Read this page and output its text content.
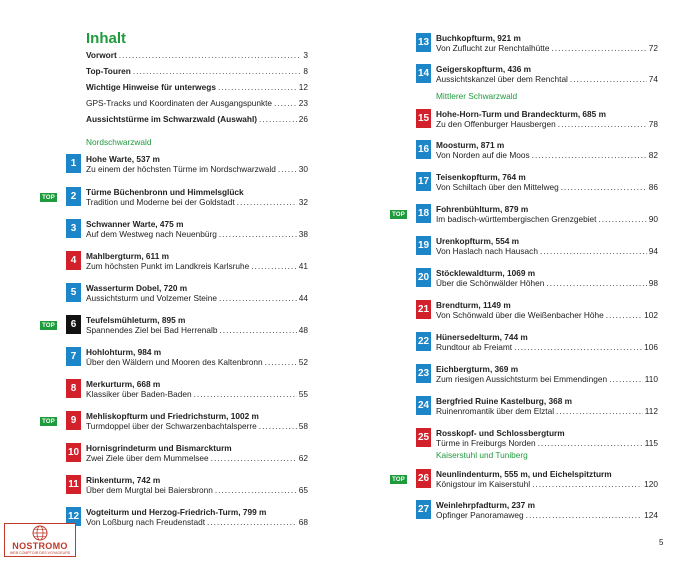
Inhalt
Vorwort .....	3
Top-Touren .....	8
Wichtige Hinweise für unterwegs .....	12
GPS-Tracks und Koordinaten der Ausgangspunkte .....	23
Aussichtstürme im Schwarzwald (Auswahl) .....	26
Nordschwarzwald
Mittlerer Schwarzwald
Kaiserstuhl und Tuniberg
1	Hohe Warte, 537 m
Zu einem der höchsten Türme im Nordschwarzwald .....	30
2	Türme Büchenbronn und Himmelsglück
Tradition und Moderne bei der Goldstadt .....	32
TOP
3	Schwanner Warte, 475 m
Auf dem Westweg nach Neuenbürg .....	38
4	Mahlbergturm, 611 m
Zum höchsten Punkt im Landkreis Karlsruhe .....	41
5	Wasserturm Dobel, 720 m
Aussichtsturm und Volzemer Steine .....	44
6	Teufelsmühleturm, 895 m
Spannendes Ziel bei Bad Herrenalb .....	48
TOP
7	Hohlohturm, 984 m
Über den Wäldern und Mooren des Kaltenbronn .....	52
8	Merkurturm, 668 m
Klassiker über Baden-Baden .....	55
9	Mehliskopfturm und Friedrichsturm, 1002 m
Turmdoppel über der Schwarzenbachtalsperre .....	58
TOP
10 Hornisgrindeturm und Bismarckturm
Zwei Ziele über dem Mummelsee .....	62
11 Rinkenturm, 742 m
Über dem Murgtal bei Baiersbronn .....	65
12 Vogteiturm und Herzog-Friedrich-Turm, 799 m
Von Loßburg nach Freudenstadt .....	68
13 Buchkopfturm, 921 m
Von Zuflucht zur Renchtalhütte .....	72
14 Geigerskopfturm, 436 m
Aussichtskanzel über dem Renchtal .....	74
15 Hohe-Horn-Turm und Brandeckturm, 685 m
Zu den Offenburger Hausbergen .....	78
16 Moosturm, 871 m
Von Norden auf die Moos .....	82
17 Teisenkopfturm, 764 m
Von Schiltach über den Mittelweg .....	86
18 Fohrenbühlturm, 879 m
Im badisch-württembergischen Grenzgebiet .....	90
TOP
19 Urenkopfturm, 554 m
Von Haslach nach Hausach .....	94
20 Stöcklewaldturm, 1069 m
Über die Schönwälder Höhen .....	98
21 Brendturm, 1149 m
Von Schönwald über die Weißenbacher Höhe .....	102
22 Hünersedelturm, 744 m
Rundtour ab Freiamt .....	106
23 Eichbergturm, 369 m
Zum riesigen Aussichtsturm bei Emmendingen .....	110
24 Bergfried Ruine Kastelburg, 368 m
Ruinenromantik über dem Elztal .....	112
25 Rosskopf- und Schlossbergturm
Türme in Freiburgs Norden .....	115
26 Neunlindenturm, 555 m, und Eichelspitzturm
Königstour im Kaiserstuhl .....	120
TOP
27 Weinlehrpfadturm, 237 m
Opfinger Panoramaweg .....	124
5
NOSTROMO
WEB COMPTOIR DES VOYAGEURS
